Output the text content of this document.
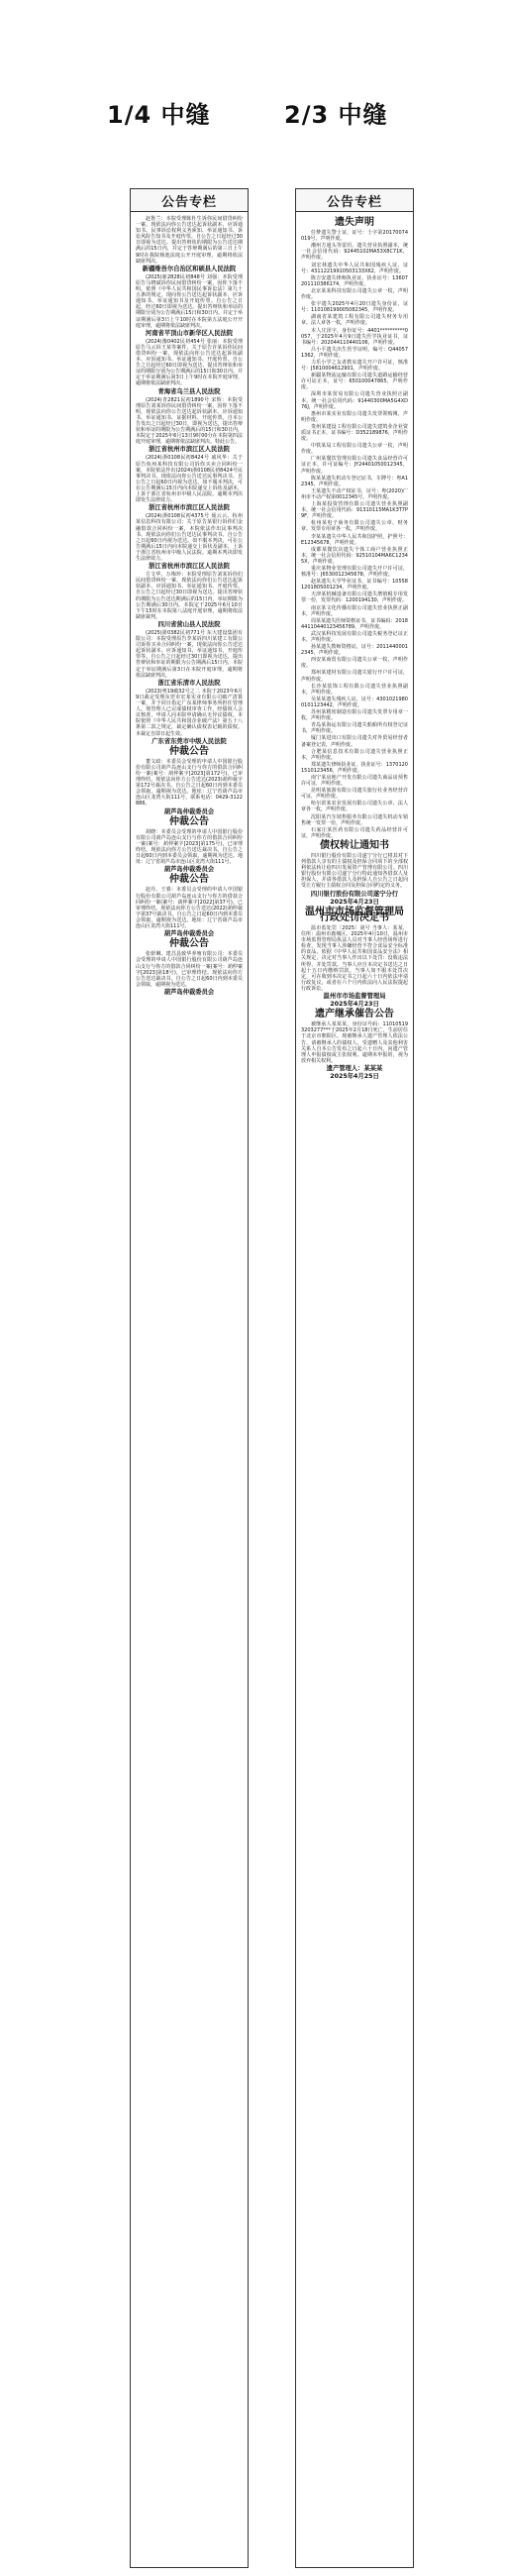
1/4 中缝	2/3 中缝
公告专栏
赵鲁兰：本院受理陈杜生诉你民间借贷纠纷一案，现依法向你公告送达起诉状副本、应诉通知书、民事诉讼权利义务须知、举证通知书、诉讼风险告知书及开庭传票。自公告之日起经过30日即视为送达。提出答辩状的期限为公告送达期满后的15日内，并定于答辩期满后的第三日上午9时在我院杨池法庭公开开庭审理，逾期将依法缺席判决。
新疆维吾尔自治区和硕县人民法院
(2025)新2828民初848号 刘强：本院受理原告马晓斌诉你民间借贷纠纷一案，因你下落不明，依照《中华人民共和国民事诉讼法》第九十五条的规定，现向你公告送达起诉状副本、应诉通知书、举证通知书及开庭传票。自公告之日起，经过60日即视为送达。提出答辩状和举证的期限分别为公告期满后15日和30日内。并定于举证期满后第3日上午10时在本院第五法庭公开开庭审理，逾期将依法缺席判决。
河南省平顶山市新华区人民法院
(2024)豫0402民初454号 张丽：本院受理原告马云诉王某等案件，关于原告许某诉你民间借贷纠纷一案，现依法向你公告送达起诉状副本、应诉通知书、举证通知书、开庭传票。自公告之日起经过60日即视为送达，提出答辩状和举证的期限分别为公告期满后的15日和30日内。并定于举证期满后第3日上午9时在本院开庭审理，逾期将依法缺席判决。
青海省乌兰县人民法院
(2024)青2821民初1890号 宋辉：本院受理原告刘某诉你民间借贷纠纷一案，因你下落不明，现依法向你公告送达起诉状副本、应诉通知书、举证通知书、证据材料、开庭传票。自本公告发出之日起经过30日，即视为送达。提出答辩状和举证的期限为公告期满后的15日和30日内，本院定于2025年6月13日9时00分在本院第四法庭开庭审理，逾期将依法缺席判决。特此公告。
浙江省杭州市滨江区人民法院
(2024)浙0108民初8424号 戚风华：关于原告杭州某科技有限公司诉你买卖合同纠纷一案，本院依法作出(2024)浙0108民初8424号民事判决书。现依法向你公告送达民事判决书。自公告之日起60日内视为送达。如不服本判决，可在公告期满后15日内向本院递交上诉状及副本，上诉于浙江省杭州市中级人民法院。逾期本判决即发生法律效力。
浙江省杭州市滨江区人民法院
(2024)浙0108民初4375号 聂云云、杭州某信息科技有限公司：关于原告某银行诉你们金融借款合同纠纷一案，本院依法作出民事判决书，现依法向你们公告送达民事判决书。自公告之日起60日内视为送达。如不服本判决，可在公告期满后15日内向本院递交上诉状及副本，上诉于浙江省杭州市中级人民法院。逾期本判决即发生法律效力。
浙江省杭州市滨江区人民法院
方文华、万梅珍：本院受理原告刘某诉你们民间借贷纠纷一案，现依法向你们公告送达起诉状副本、应诉通知书、举证通知书、开庭传票。自公告之日起经过30日即视为送达。提出答辩状的期限为公告送达期满后的15日内，举证期限为公告期满后30日内。本院定于2025年6月10日下午15时在本院第八法庭开庭审理，逾期将依法缺席裁判。
四川省营山县人民法院
(2025)浙0382民初771号 东大建设集团有限公司：本院受理原告李某诉四川某建工有限公司诉你买卖合同纠纷一案，现依法向你公告送达起诉状副本、应诉通知书、举证通知书、开庭传票等。自公告之日起经过30日即视为送达，提出答辩状和举证的期限为公告期满后15日内，本院定于举证期满后第3日在本院开庭审理，逾期将依法缺席判决。
浙江省乐清市人民法院
(2023)粤19破32号之二 本院于2023年6月9日裁定受理东莞市宏某实业有限公司破产清算一案，并于同日指定广东某律师事务所担任管理人。现管理人已完成债权审查工作，经债权人会议核查，申请人向本院申请确认无异议债权。本院依照《中华人民共和国企业破产法》第五十八条第二款之规定，裁定确认债权表记载的债权。本裁定自即日起生效。
广东省东莞市中级人民法院
仲裁公告
董文政：本委员会受理的申请人中国银行股份有限公司葫芦岛连山支行与你方的借款合同纠纷一案(案号：葫仲案字[2023]第172号)，已审理终结。现依法向你方公告送达(2023)葫仲裁字第172号裁决书。自公告之日起60日内到本委员会领取，逾期视为送达。地址：辽宁省葫芦岛市连山区龙湾大街111号，联系电话：0429-3122886。
葫芦岛仲裁委员会
仲裁公告
胡晓：本委员会受理的申请人中国银行股份有限公司葫芦岛连山支行与你方的借款合同纠纷一案(案号：葫仲案字[2023]第175号)，已审理终结。现依法向你方公告送达裁决书。自公告之日起60日内到本委员会领取，逾期视为送达。地址：辽宁省葫芦岛市连山区龙湾大街111号。
葫芦岛仲裁委员会
仲裁公告
赵丹、王睿：本委员会受理的申请人中国银行股份有限公司葫芦岛连山支行与你方的借款合同纠纷一案(案号：葫仲案字[2022]第37号)，已审理终结。现依法向你方公告送达(2022)葫仲裁字第37号裁决书。自公告之日起60日内到本委员会领取，逾期视为送达。地址：辽宁省葫芦岛市连山区龙湾大街111号。
葫芦岛仲裁委员会
仲裁公告
张妍琳、建昌县致华养殖有限公司：本委员会受理的申请人中国银行股份有限公司葫芦岛连山支行与你方的借款合同纠纷一案(案号：葫仲案字[2023]第18号)，已审理终结。现依法向你方公告送达裁决书。自公告之日起60日内到本委员会领取，逾期视为送达。
葫芦岛仲裁委员会
公告专栏
遗失声明
任梦遗失警士证，证号：士字第20170074019号，声明作废。
潮州方通头等雷汛，遗失营业执照副本，统一社会信用代码：92445102MA53X8C71K，声明作废。
刘宏林遗失中华人民共和国残疾人证，证号：43112219910503133X62，声明作废。
陈吉安遗失律师执业证，执业证号：13607201110386174，声明作废。
北京某某科技有限公司遗失公章一枚，声明作废。
张宇遗失2025年4月20日遗失身份证，证号：110108199005082345，声明作废。
湖南省某建筑工程有限公司遗失财务专用章、法人章各一枚，声明作废。
本人庄泽宇，身份证号：4401**********0057，于2025年4月9日遗失医学执业证书，证书编号：202044110440106，声明作废。
吕小平遗失出生医学证明，编号：Q440571362，声明作废。
力乐小学之友者教室遗失开户许可证，核准号：J5810004612901，声明作废。
新疆某物流运输有限公司遗失道路运输经营许可证正本，证号：650100047865，声明作废。
深圳市某贸易有限公司遗失营业执照正副本，统一社会信用代码：91440300MA5G4XD76J，声明作废。
惠州市某实业有限公司遗失发票领购簿，声明作废。
贵州某建设工程有限公司遗失建筑业企业资质证书正本，证书编号：D352189876，声明作废。
中铁某局工程有限公司遗失公章一枚，声明作废。
广州某餐饮管理有限公司遗失食品经营许可证正本，许可证编号：JY24401050012345，声明作废。
陈某某遗失机动车登记证书，车牌号：粤A12345，声明作废。
王某遗失不动产权证书，证号：粤(2020)广州市不动产权第0012345号，声明作废。
上海某投资管理有限公司遗失营业执照副本，统一社会信用代码：91310115MA1K3T7P9F，声明作废。
杭州某电子商务有限公司遗失公章、财务章、发票专用章各一枚，声明作废。
李某某遗失中华人民共和国护照，护照号：E12345678，声明作废。
成都某餐饮店遗失个体工商户营业执照正本，统一社会信用代码：92510104MA6C12345X，声明作废。
重庆某物业管理有限公司遗失开户许可证，核准号：J6530012345678，声明作废。
赵某遗失大学毕业证书，证书编号：105581201805001234，声明作废。
天津某机械设备有限公司遗失增值税专用发票一份，发票代码：1200194130，声明作废。
南京某文化传播有限公司遗失营业执照正副本，声明作废。
周某某遗失医师资格证书，证书编码：201844110440123456789，声明作废。
武汉某科技发展有限公司遗失税务登记证正本，声明作废。
孙某遗失教师资格证，证号：20114400012345，声明作废。
西安某商贸有限公司遗失公章一枚，声明作废。
郑州某建材有限公司遗失银行开户许可证，声明作废。
长沙某装饰工程有限公司遗失营业执照副本，声明作废。
吴某某遗失残疾人证，证号：43010219800101123442，声明作废。
苏州某精密制造有限公司遗失发票专用章一枚，声明作废。
青岛某海运有限公司遗失船舶所有权登记证书，声明作废。
厦门某进出口有限公司遗失对外贸易经营者备案登记表，声明作废。
合肥某信息技术有限公司遗失营业执照正本，声明作废。
郑某遗失律师执业证，执业证号：13701201510123456，声明作废。
南宁某房地产开发有限公司遗失商品房预售许可证，声明作废。
昆明某旅游有限公司遗失旅行社业务经营许可证，声明作废。
哈尔滨某农业发展有限公司遗失公章、法人章各一枚，声明作废。
沈阳某汽车销售服务有限公司遗失机动车销售统一发票一份，声明作废。
石家庄某医药有限公司遗失药品经营许可证，声明作废。
债权转让通知书
四川银行股份有限公司遂宁分行已将其对下列借款人享有的主债权及担保合同项下的全部权利依法转让给四川发展资产管理有限公司。四川银行股份有限公司遂宁分行特此通知各借款人及担保人，并请各借款人及担保人自公告之日起向受让方履行主债权合同及担保合同约定的义务。
四川银行股份有限公司遂宁分行
2025年4月23日
温州市市场监督管理局行政处罚决定书
温市监处罚〔2025〕第号 当事人：某某，住所：温州市鹿城区。2025年4月10日，温州市市场监督管理局执法人员对当事人经营场所进行检查，发现当事人涉嫌经营不符合食品安全标准的食品。依据《中华人民共和国食品安全法》相关规定，决定对当事人作出以下处罚：没收违法所得，并处罚款。当事人应自本决定书送达之日起十五日内缴纳罚款。当事人如不服本处罚决定，可在收到本决定书之日起六十日内依法申请行政复议，或者在六个月内依法向人民法院提起行政诉讼。
温州市市场监督管理局
2025年4月23日
遗产继承催告公告
被继承人某某某，身份证号码：110105193203277***于2025年2月18日死亡，生前居住于北京市朝阳区。现被继承人遗产管理人依法公告，请被继承人的债权人、受遗赠人及其他利害关系人自本公告发布之日起六十日内，向遗产管理人申报债权或主张权利。逾期未申报的，视为放弃相关权利。
遗产管理人：某某某
2025年4月25日
